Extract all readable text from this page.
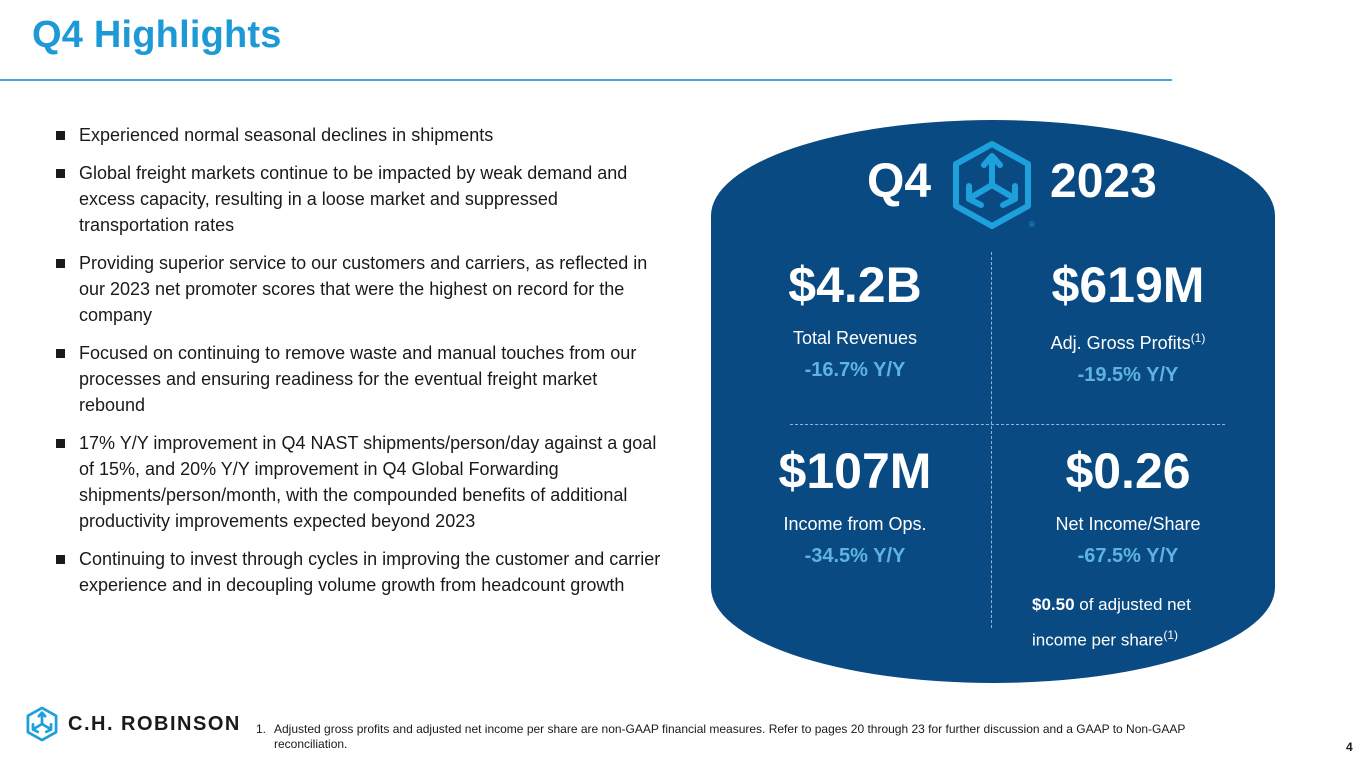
Q4 Highlights
Experienced normal seasonal declines in shipments
Global freight markets continue to be impacted by weak demand and excess capacity, resulting in a loose market and suppressed transportation rates
Providing superior service to our customers and carriers, as reflected in our 2023 net promoter scores that were the highest on record for the company
Focused on continuing to remove waste and manual touches from our processes and ensuring readiness for the eventual freight market rebound
17% Y/Y improvement in Q4 NAST shipments/person/day against a goal of 15%, and 20% Y/Y improvement in Q4 Global Forwarding shipments/person/month, with the compounded benefits of additional productivity improvements expected beyond 2023
Continuing to invest through cycles in improving the customer and carrier experience and in decoupling volume growth from headcount growth
Q4
®
2023
$4.2B
Total Revenues
-16.7% Y/Y
$619M
Adj. Gross Profits$^{(1)}$
-19.5% Y/Y
$107M
Income from Ops.
-34.5% Y/Y
$0.26
Net Income/Share
-67.5% Y/Y
$0.50 of adjusted net
income per share$^{(1)}$
C.H. ROBINSON 1. Adjusted gross profits and adjusted net income per share are non-GAAP financial measures. Refer to pages 20 through 23 for further discussion and a GAAP to Non-GAAP reconciliation.	4
